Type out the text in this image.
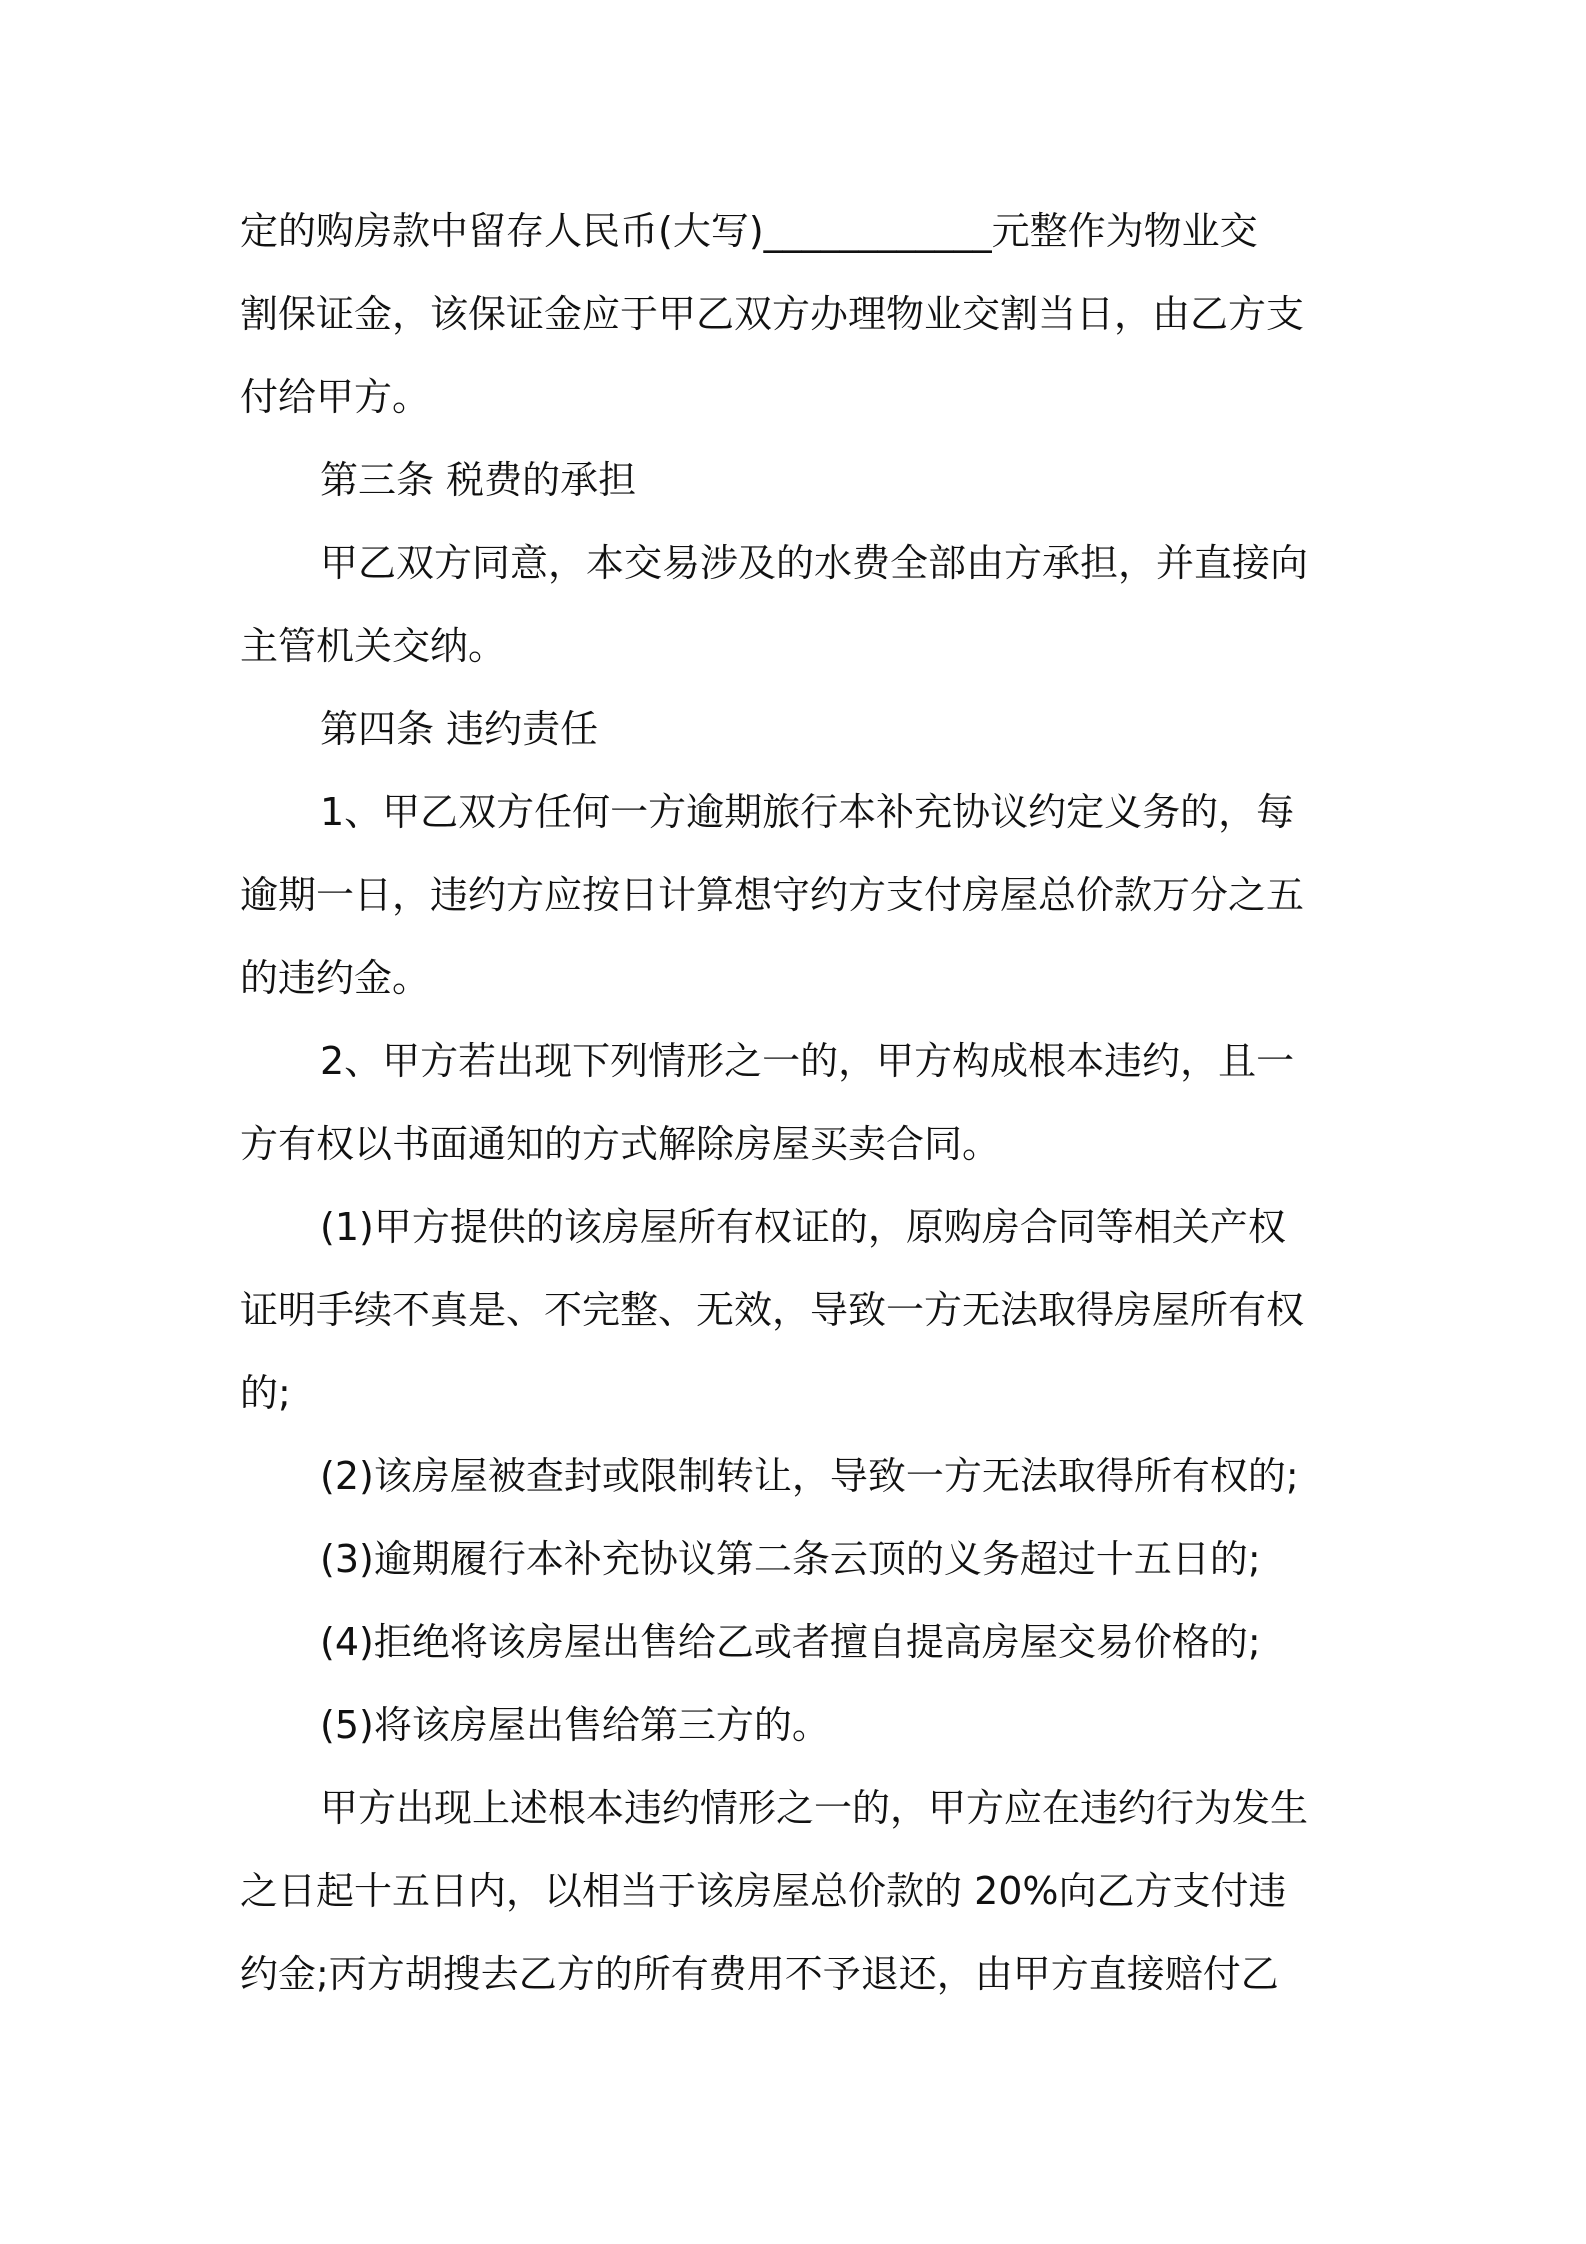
定的购房款中留存人民币(大写)____________元整作为物业交
割保证金，该保证金应于甲乙双方办理物业交割当日，由乙方支
付给甲方。
第三条 税费的承担
甲乙双方同意，本交易涉及的水费全部由方承担，并直接向
主管机关交纳。
第四条 违约责任
1、甲乙双方任何一方逾期旅行本补充协议约定义务的，每
逾期一日，违约方应按日计算想守约方支付房屋总价款万分之五
的违约金。
2、甲方若出现下列情形之一的，甲方构成根本违约，且一
方有权以书面通知的方式解除房屋买卖合同。
(1)甲方提供的该房屋所有权证的，原购房合同等相关产权
证明手续不真是、不完整、无效，导致一方无法取得房屋所有权
的;
(2)该房屋被查封或限制转让，导致一方无法取得所有权的;
(3)逾期履行本补充协议第二条云顶的义务超过十五日的;
(4)拒绝将该房屋出售给乙或者擅自提高房屋交易价格的;
(5)将该房屋出售给第三方的。
甲方出现上述根本违约情形之一的，甲方应在违约行为发生
之日起十五日内，以相当于该房屋总价款的 20%向乙方支付违
约金;丙方胡搜去乙方的所有费用不予退还，由甲方直接赔付乙
